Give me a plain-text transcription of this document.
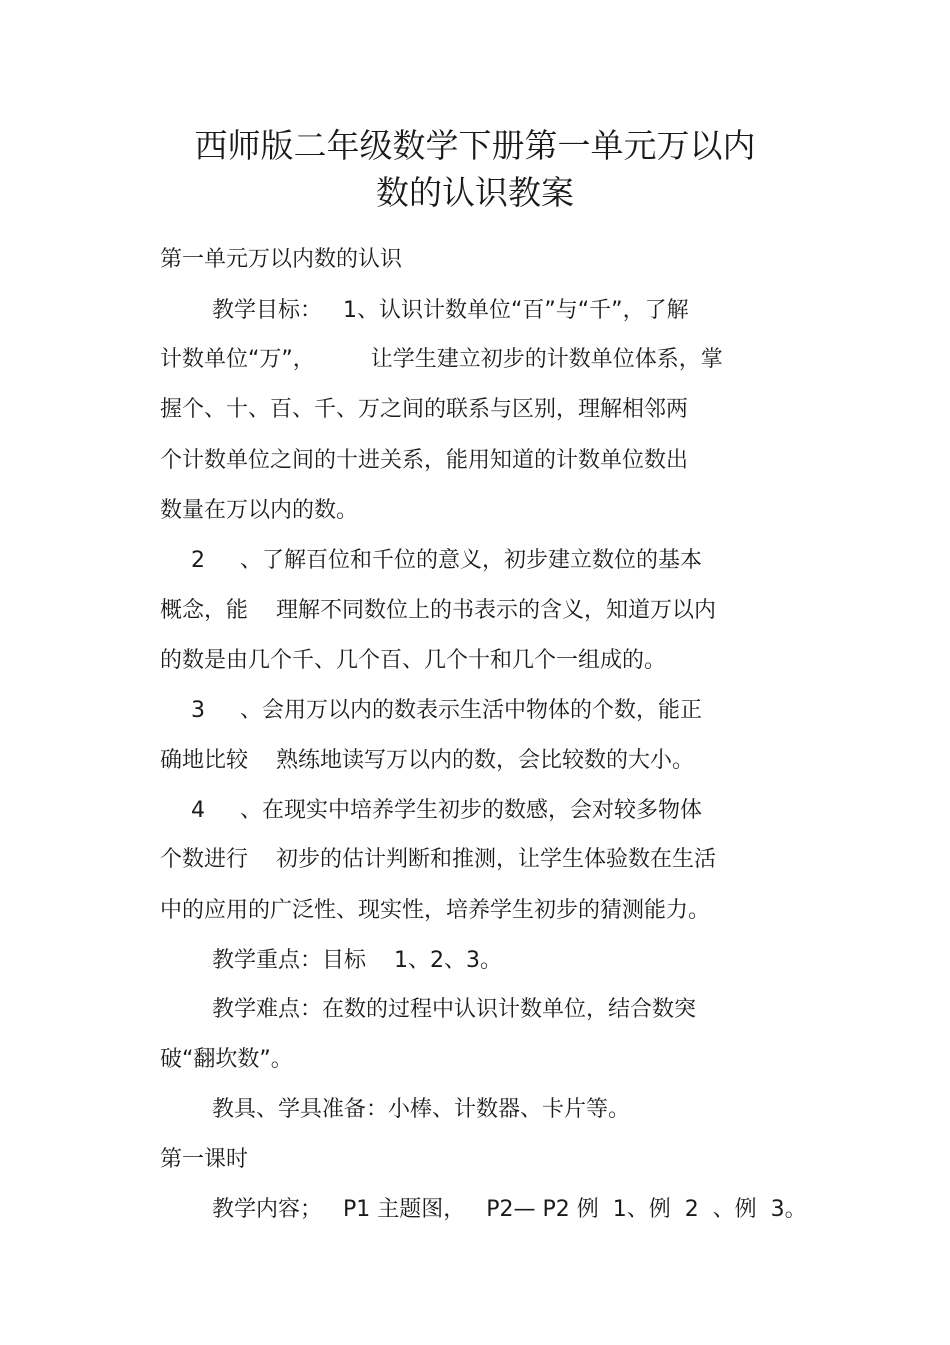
西师版二年级数学下册第一单元万以内
数的认识教案
第一单元万以内数的认识
教学目标：   1、认识计数单位“百”与“千”，了解
计数单位“万”，        让学生建立初步的计数单位体系，掌
握个、十、百、千、万之间的联系与区别，理解相邻两
个计数单位之间的十进关系，能用知道的计数单位数出
数量在万以内的数。
2     、了解百位和千位的意义，初步建立数位的基本
概念，能    理解不同数位上的书表示的含义，知道万以内
的数是由几个千、几个百、几个十和几个一组成的。
3     、会用万以内的数表示生活中物体的个数，能正
确地比较    熟练地读写万以内的数，会比较数的大小。
4     、在现实中培养学生初步的数感，会对较多物体
个数进行    初步的估计判断和推测，让学生体验数在生活
中的应用的广泛性、现实性，培养学生初步的猜测能力。
教学重点：目标    1、2、3。
教学难点：在数的过程中认识计数单位，结合数突
破“翻坎数”。
教具、学具准备：小棒、计数器、卡片等。
第一课时
教学内容；   P1 主题图，   P2— P2 例  1、例  2  、例  3。
